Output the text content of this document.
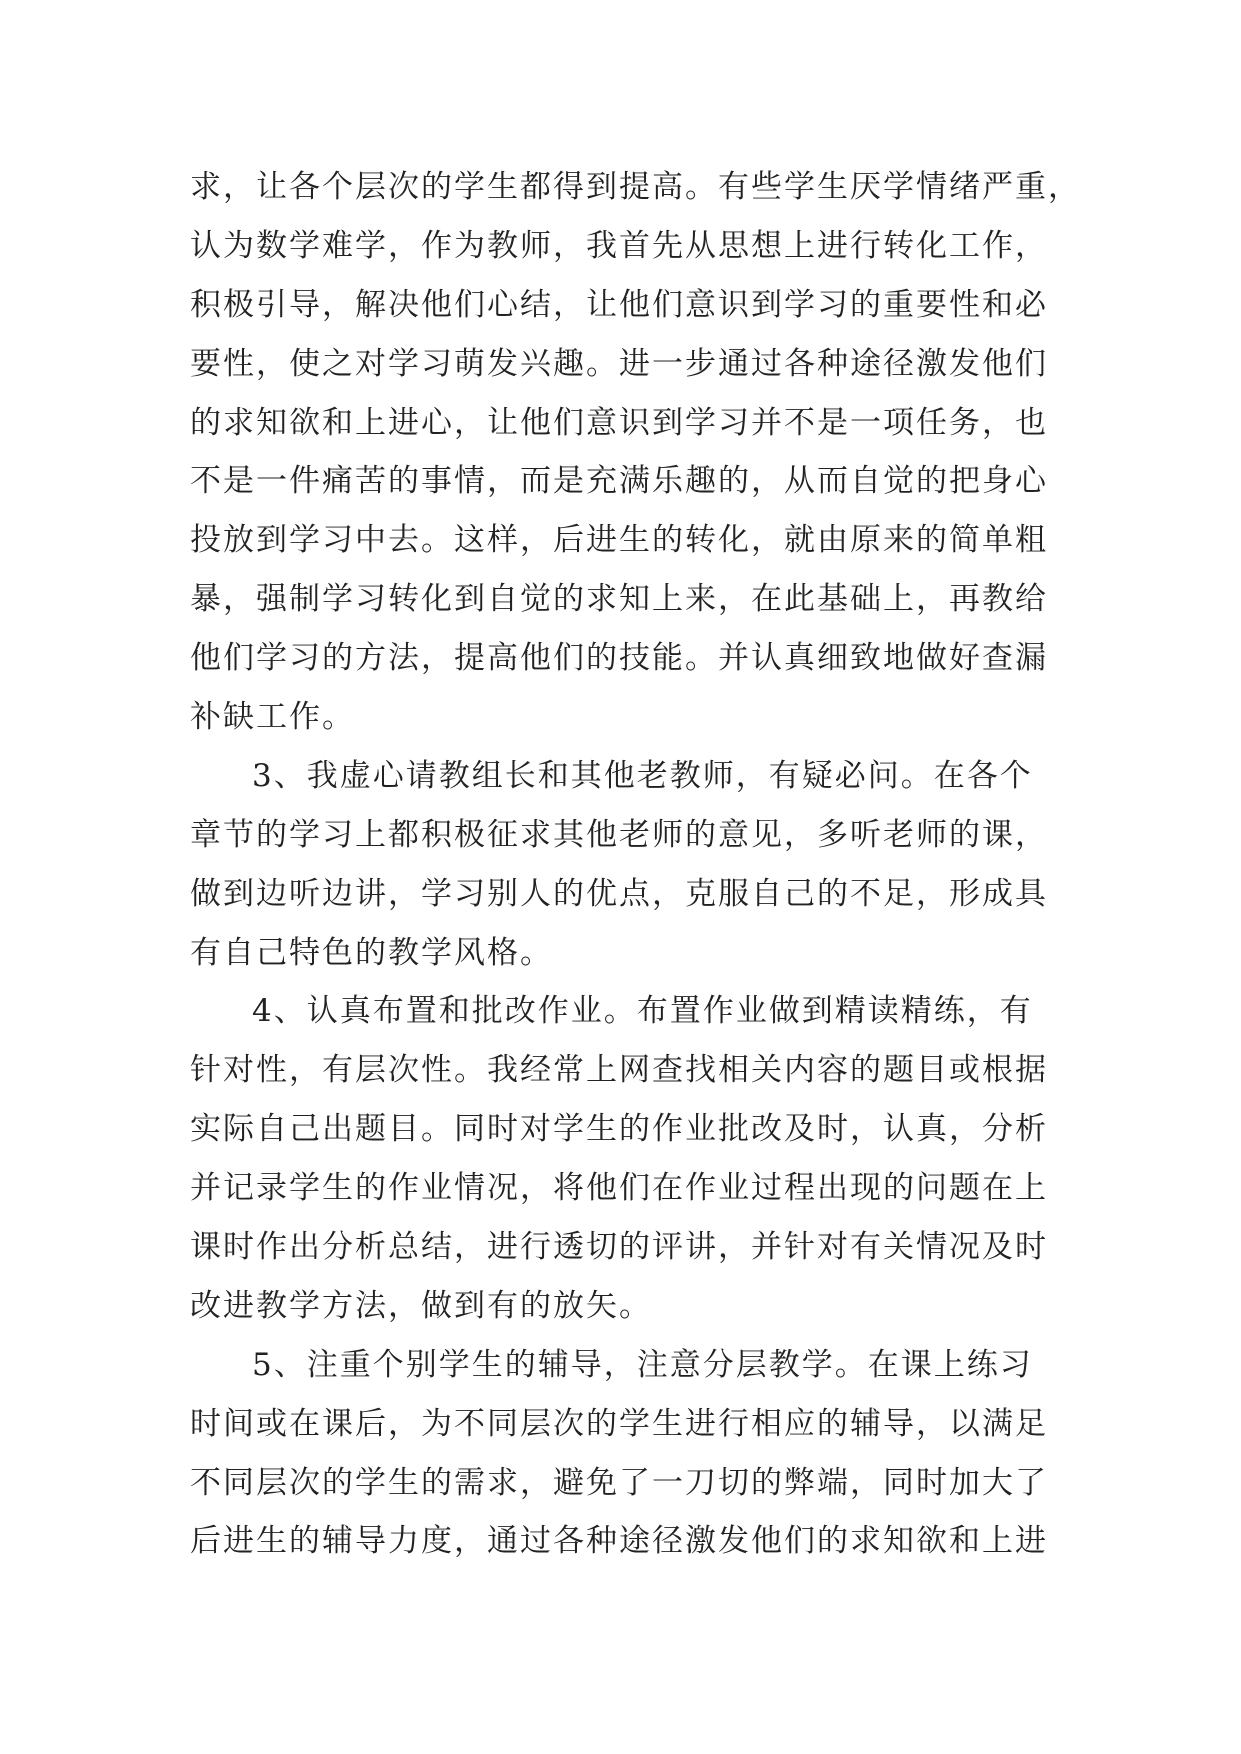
求，让各个层次的学生都得到提高。有些学生厌学情绪严重，
认为数学难学，作为教师，我首先从思想上进行转化工作，
积极引导，解决他们心结，让他们意识到学习的重要性和必
要性，使之对学习萌发兴趣。进一步通过各种途径激发他们
的求知欲和上进心，让他们意识到学习并不是一项任务，也
不是一件痛苦的事情，而是充满乐趣的，从而自觉的把身心
投放到学习中去。这样，后进生的转化，就由原来的简单粗
暴，强制学习转化到自觉的求知上来，在此基础上，再教给
他们学习的方法，提高他们的技能。并认真细致地做好查漏
补缺工作。
3、我虚心请教组长和其他老教师，有疑必问。在各个
章节的学习上都积极征求其他老师的意见，多听老师的课，
做到边听边讲，学习别人的优点，克服自己的不足，形成具
有自己特色的教学风格。
4、认真布置和批改作业。布置作业做到精读精练，有
针对性，有层次性。我经常上网查找相关内容的题目或根据
实际自己出题目。同时对学生的作业批改及时，认真，分析
并记录学生的作业情况，将他们在作业过程出现的问题在上
课时作出分析总结，进行透切的评讲，并针对有关情况及时
改进教学方法，做到有的放矢。
5、注重个别学生的辅导，注意分层教学。在课上练习
时间或在课后，为不同层次的学生进行相应的辅导，以满足
不同层次的学生的需求，避免了一刀切的弊端，同时加大了
后进生的辅导力度，通过各种途径激发他们的求知欲和上进
